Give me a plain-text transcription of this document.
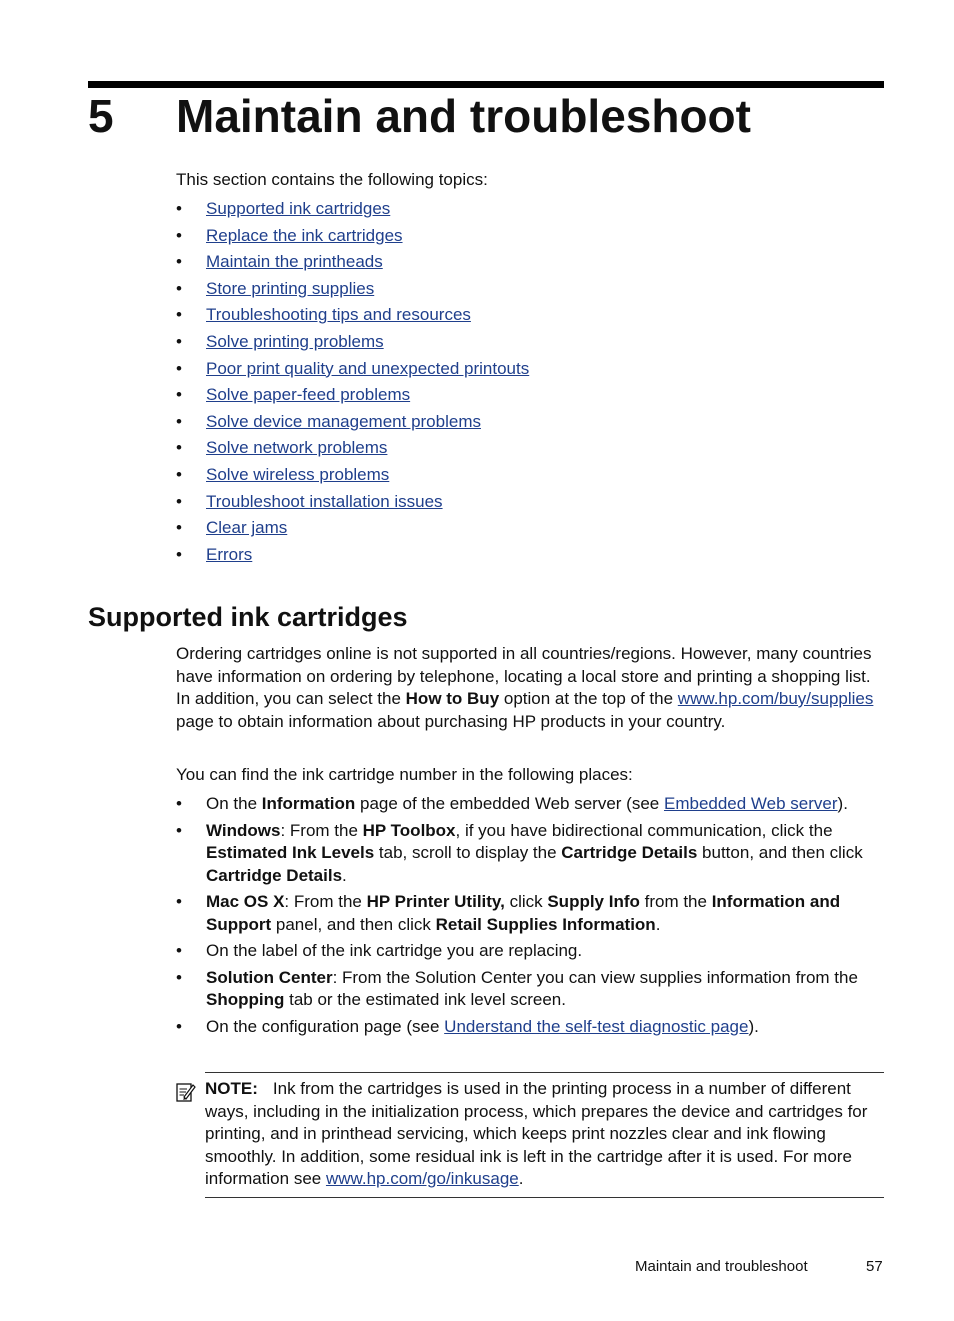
5 Maintain and troubleshoot
This section contains the following topics:
• Supported ink cartridges
• Replace the ink cartridges
• Maintain the printheads
• Store printing supplies
• Troubleshooting tips and resources
• Solve printing problems
• Poor print quality and unexpected printouts
• Solve paper-feed problems
• Solve device management problems
• Solve network problems
• Solve wireless problems
• Troubleshoot installation issues
• Clear jams
• Errors
Supported ink cartridges

Ordering cartridges online is not supported in all countries/regions. However, many countries have information on ordering by telephone, locating a local store and printing a shopping list. In addition, you can select the How to Buy option at the top of the www.hp.com/buy/supplies page to obtain information about purchasing HP products in your country.

You can find the ink cartridge number in the following places:

• On the Information page of the embedded Web server (see Embedded Web server).
• Windows: From the HP Toolbox, if you have bidirectional communication, click the Estimated Ink Levels tab, scroll to display the Cartridge Details button, and then click Cartridge Details.
• Mac OS X: From the HP Printer Utility, click Supply Info from the Information and Support panel, and then click Retail Supplies Information.
• On the label of the ink cartridge you are replacing.
• Solution Center: From the Solution Center you can view supplies information from the Shopping tab or the estimated ink level screen.
• On the configuration page (see Understand the self-test diagnostic page).
NOTE: Ink from the cartridges is used in the printing process in a number of different ways, including in the initialization process, which prepares the device and cartridges for printing, and in printhead servicing, which keeps print nozzles clear and ink flowing smoothly. In addition, some residual ink is left in the cartridge after it is used. For more information see www.hp.com/go/inkusage.
Maintain and troubleshoot	57
